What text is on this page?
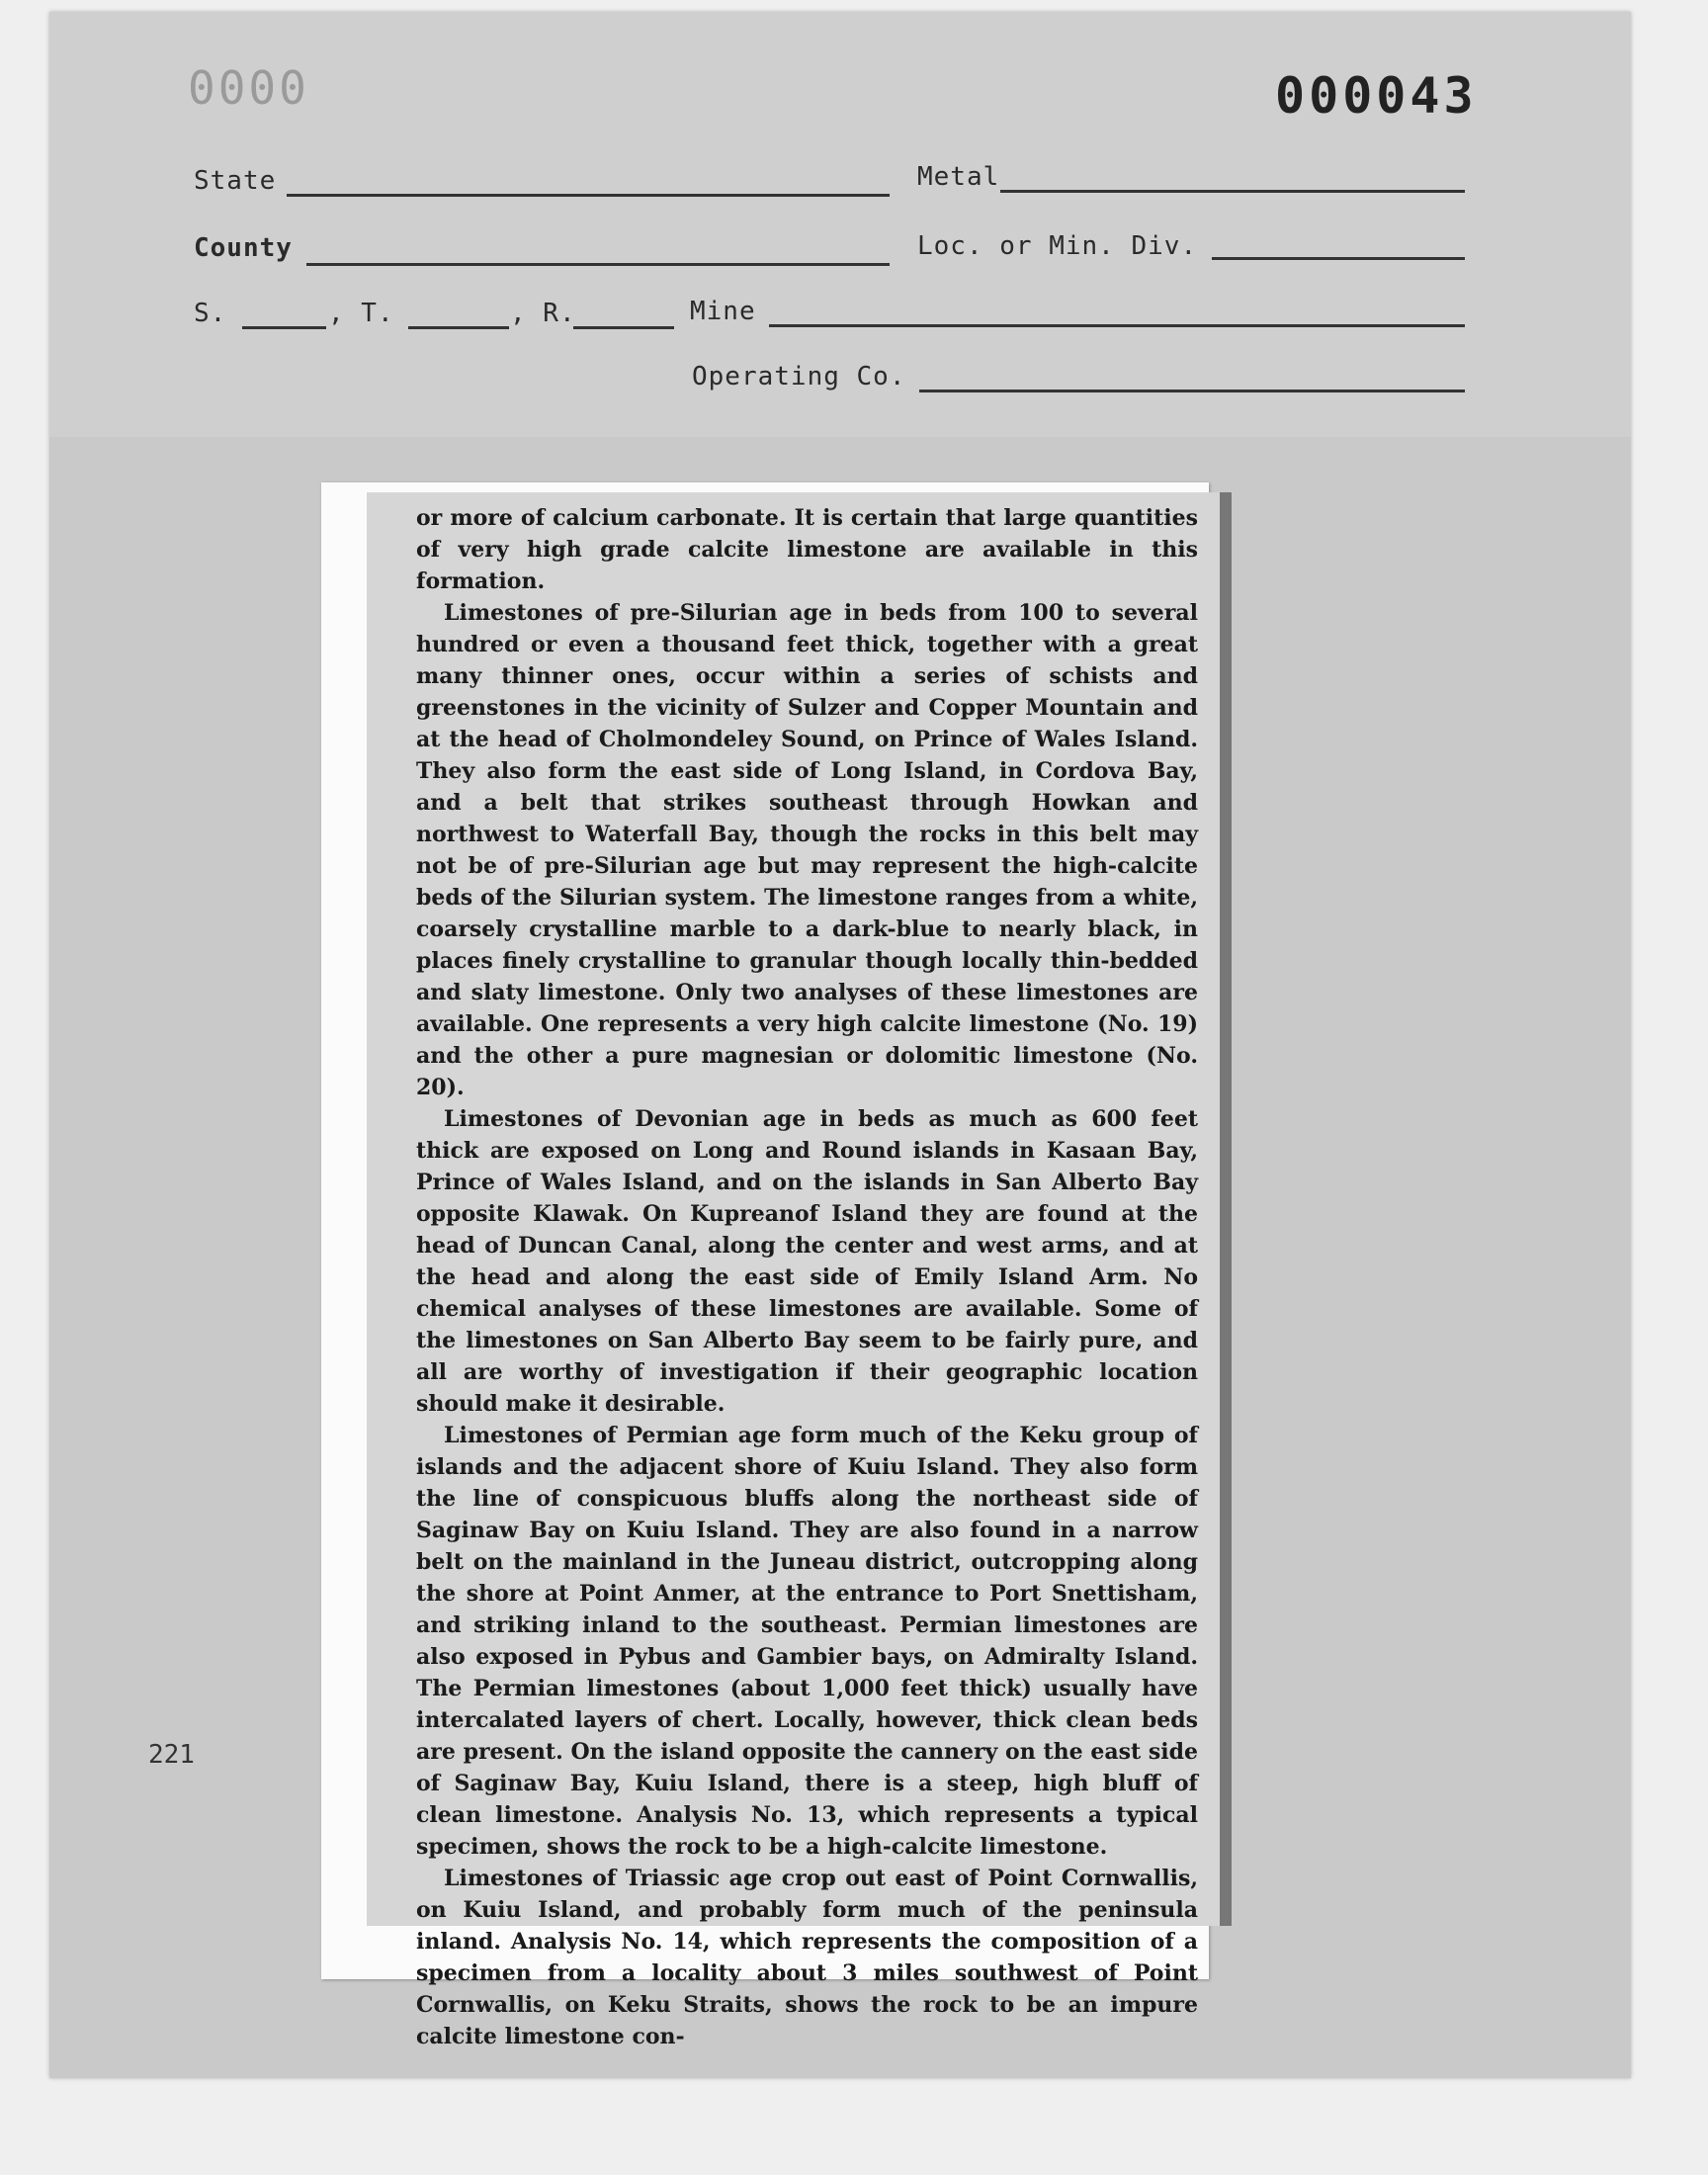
0000	000043
State	Metal
County	Loc. or Min. Div.
S.	, T.	, R.	Mine
Operating Co.
221

or more of calcium carbonate. It is certain that large quantities of very high grade calcite limestone are available in this formation.

Limestones of pre-Silurian age in beds from 100 to several hundred or even a thousand feet thick, together with a great many thinner ones, occur within a series of schists and greenstones in the vicinity of Sulzer and Copper Mountain and at the head of Cholmondeley Sound, on Prince of Wales Island. They also form the east side of Long Island, in Cordova Bay, and a belt that strikes southeast through Howkan and northwest to Waterfall Bay, though the rocks in this belt may not be of pre-Silurian age but may represent the high-calcite beds of the Silurian system. The limestone ranges from a white, coarsely crystalline marble to a dark-blue to nearly black, in places finely crystalline to granular though locally thin-bedded and slaty limestone. Only two analyses of these limestones are available. One represents a very high calcite limestone (No. 19) and the other a pure magnesian or dolomitic limestone (No. 20).

Limestones of Devonian age in beds as much as 600 feet thick are exposed on Long and Round islands in Kasaan Bay, Prince of Wales Island, and on the islands in San Alberto Bay opposite Klawak. On Kupreanof Island they are found at the head of Duncan Canal, along the center and west arms, and at the head and along the east side of Emily Island Arm. No chemical analyses of these limestones are available. Some of the limestones on San Alberto Bay seem to be fairly pure, and all are worthy of investigation if their geographic location should make it desirable.

Limestones of Permian age form much of the Keku group of islands and the adjacent shore of Kuiu Island. They also form the line of conspicuous bluffs along the northeast side of Saginaw Bay on Kuiu Island. They are also found in a narrow belt on the mainland in the Juneau district, outcropping along the shore at Point Anmer, at the entrance to Port Snettisham, and striking inland to the southeast. Permian limestones are also exposed in Pybus and Gambier bays, on Admiralty Island. The Permian limestones (about 1,000 feet thick) usually have intercalated layers of chert. Locally, however, thick clean beds are present. On the island opposite the cannery on the east side of Saginaw Bay, Kuiu Island, there is a steep, high bluff of clean limestone. Analysis No. 13, which represents a typical specimen, shows the rock to be a high-calcite limestone.

Limestones of Triassic age crop out east of Point Cornwallis, on Kuiu Island, and probably form much of the peninsula inland. Analysis No. 14, which represents the composition of a specimen from a locality about 3 miles southwest of Point Cornwallis, on Keku Straits, shows the rock to be an impure calcite limestone con-
